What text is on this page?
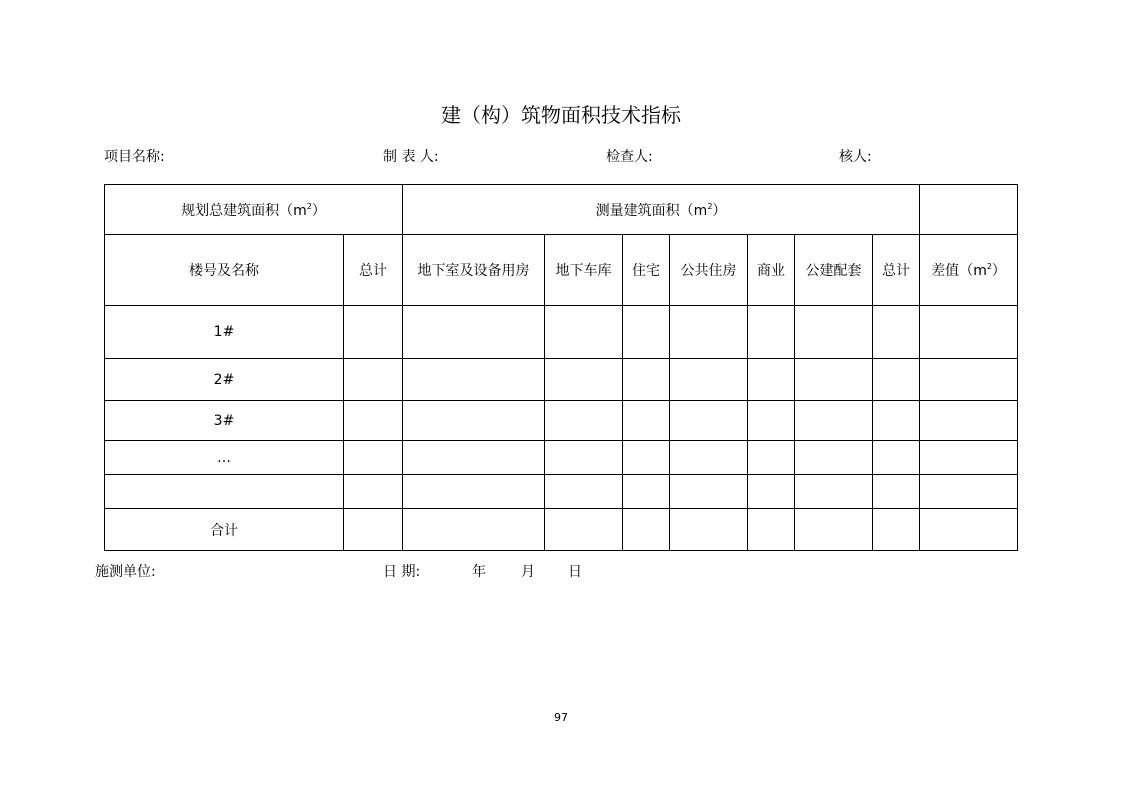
建（构）筑物面积技术指标
项目名称:	制 表 人:	检查人:	核人:
规划总建筑面积$(m^2)$		测量建筑面积$(m^2)$							
楼号及名称	总计	地下室及设备用房	地下车库	住宅	公共住房	商业	公建配套	总计	差值$(m^2)$
1#									
2#									
3#									
…									

合计									
施测单位:	日 期:	年	月 日
97
